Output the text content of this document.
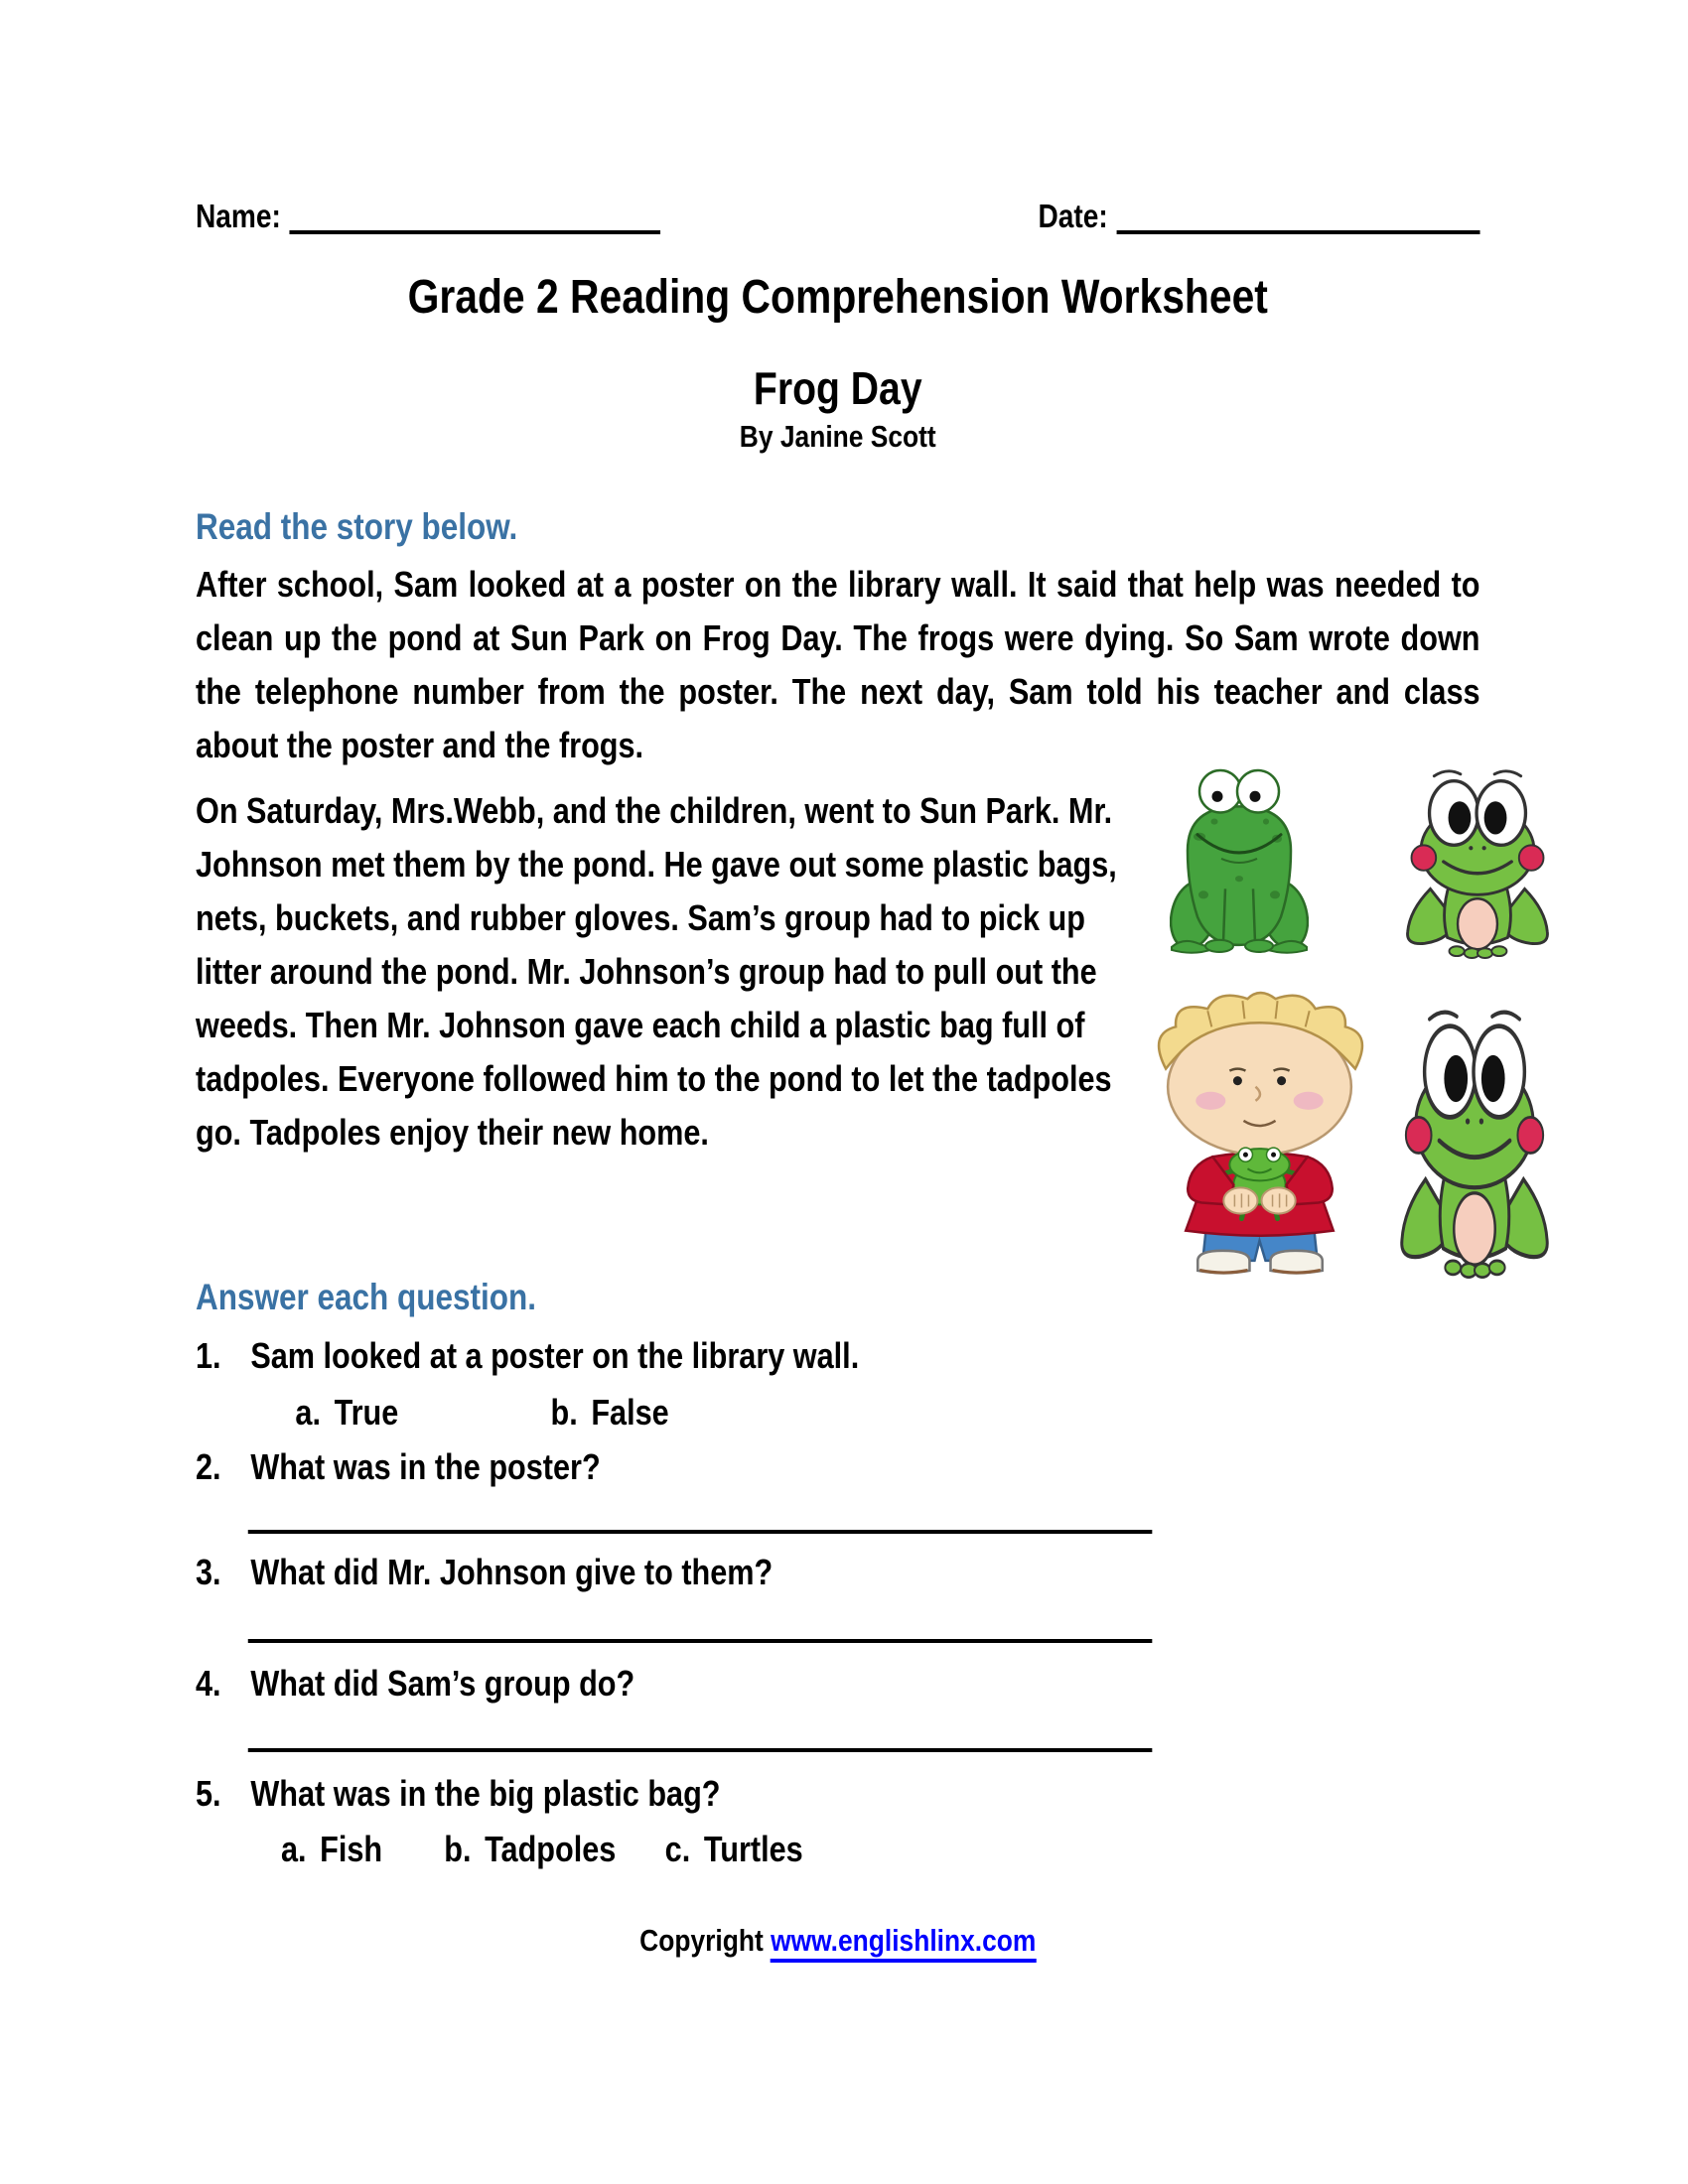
Name:	Date:
Grade 2 Reading Comprehension Worksheet
Frog Day
By Janine Scott
Read the story below.
After school, Sam looked at a poster on the library wall. It said that help was needed to clean up the pond at Sun Park on Frog Day. The frogs were dying. So Sam wrote down the telephone number from the poster. The next day, Sam told his teacher and class about the poster and the frogs.
On Saturday, Mrs.Webb, and the children, went to Sun Park. Mr. Johnson met them by the pond. He gave out some plastic bags, nets, buckets, and rubber gloves. Sam’s group had to pick up litter around the pond. Mr. Johnson’s group had to pull out the weeds. Then Mr. Johnson gave each child a plastic bag full of tadpoles. Everyone followed him to the pond to let the tadpoles go. Tadpoles enjoy their new home.
Answer each question.
1. Sam looked at a poster on the library wall.
a. True	b. False
2. What was in the poster?
3. What did Mr. Johnson give to them?
4. What did Sam’s group do?
5. What was in the big plastic bag?
a. Fish b. Tadpoles c. Turtles
Copyright www.englishlinx.com
